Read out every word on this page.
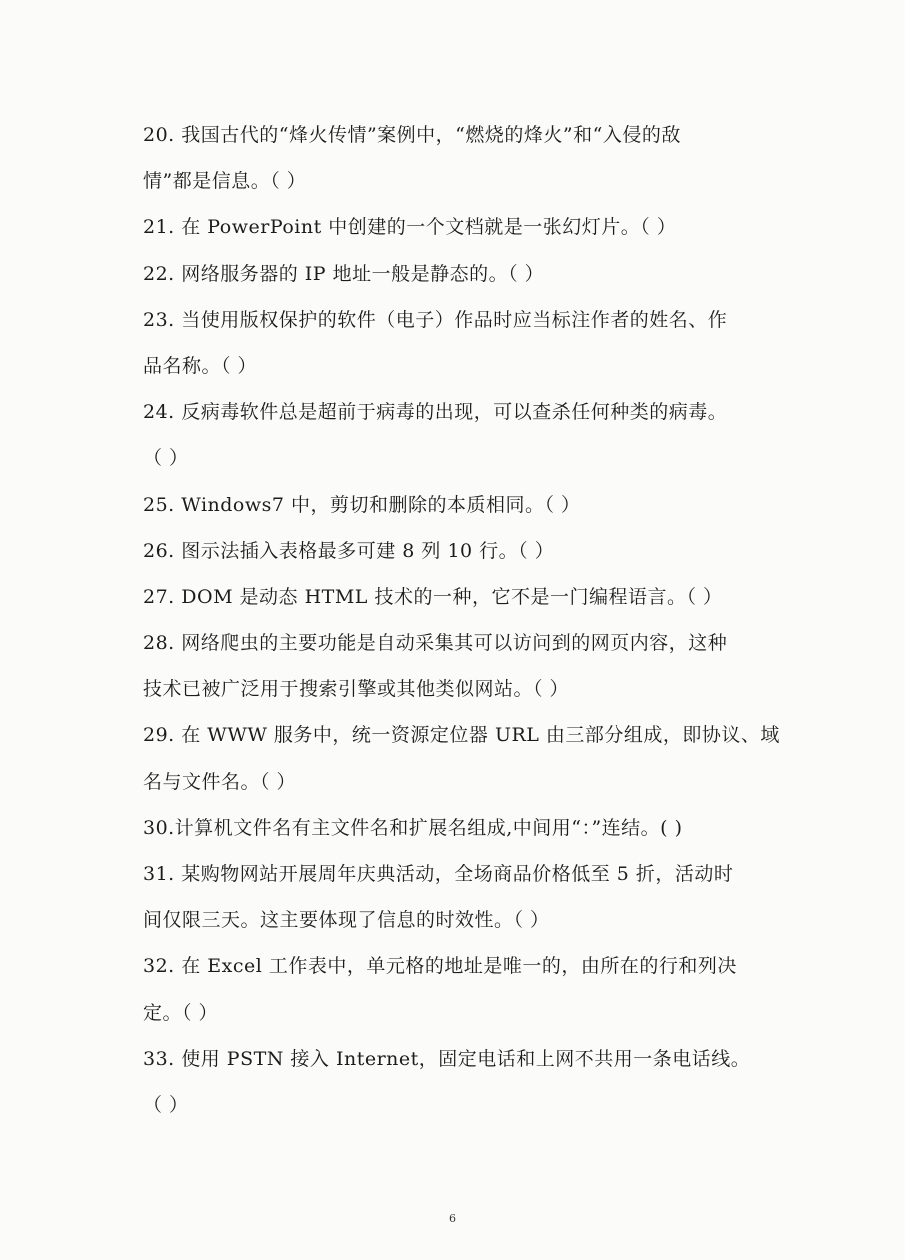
20. 我国古代的“烽火传情”案例中，“燃烧的烽火”和“入侵的敌
情”都是信息。（ ）
21. 在 PowerPoint 中创建的一个文档就是一张幻灯片。（ ）
22. 网络服务器的 IP 地址一般是静态的。（ ）
23. 当使用版权保护的软件（电子）作品时应当标注作者的姓名、作
品名称。（ ）
24. 反病毒软件总是超前于病毒的出现，可以查杀任何种类的病毒。
（ ）
25. Windows7 中，剪切和删除的本质相同。（ ）
26. 图示法插入表格最多可建 8 列 10 行。（ ）
27. DOM 是动态 HTML 技术的一种，它不是一门编程语言。（ ）
28. 网络爬虫的主要功能是自动采集其可以访问到的网页内容，这种
技术已被广泛用于搜索引擎或其他类似网站。（ ）
29. 在 WWW 服务中，统一资源定位器 URL 由三部分组成，即协议、域
名与文件名。（ ）
30.计算机文件名有主文件名和扩展名组成,中间用“：”连结。( )
31. 某购物网站开展周年庆典活动，全场商品价格低至 5 折，活动时
间仅限三天。这主要体现了信息的时效性。（ ）
32. 在 Excel 工作表中，单元格的地址是唯一的，由所在的行和列决
定。（ ）
33. 使用 PSTN 接入 Internet，固定电话和上网不共用一条电话线。
（ ）
6
